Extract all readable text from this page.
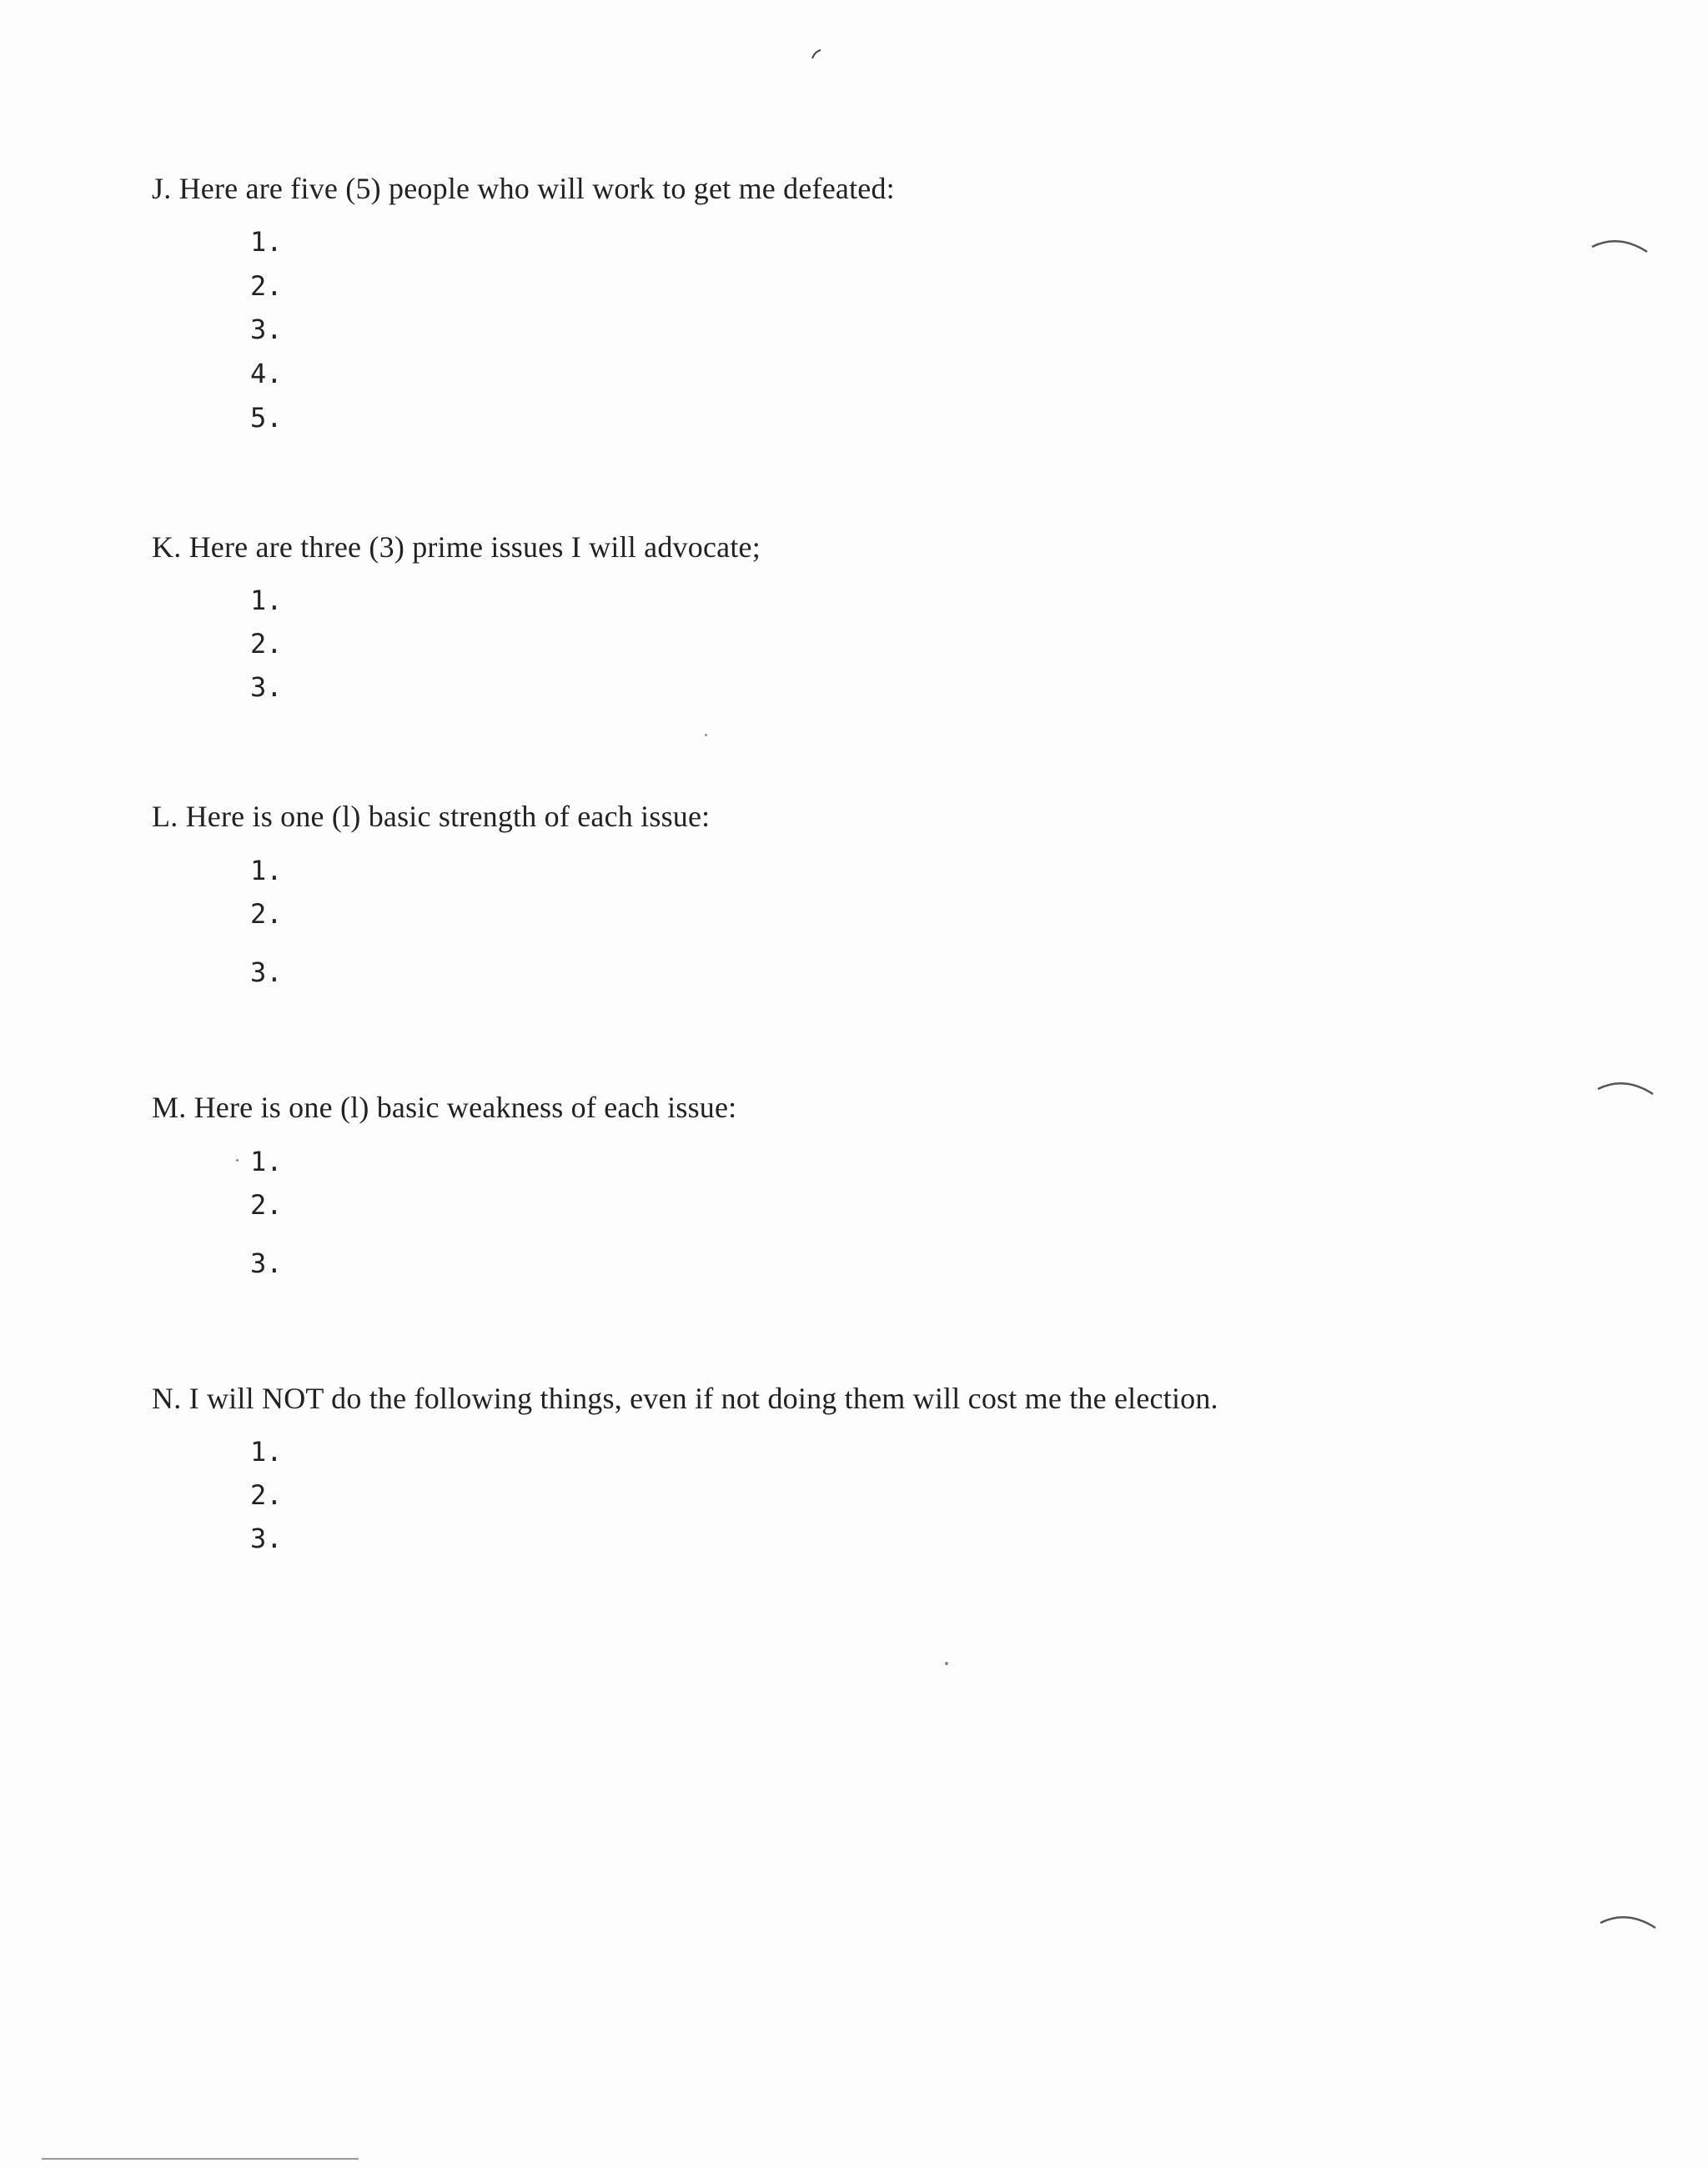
J. Here are five (5) people who will work to get me defeated:
1.
2.
3.
4.
5.
K. Here are three (3) prime issues I will advocate;
1.
2.
3.
L. Here is one (l) basic strength of each issue:
1.
2.
3.
M. Here is one (l) basic weakness of each issue:
1.
2.
3.
N. I will NOT do the following things, even if not doing them will cost me the election.
1.
2.
3.
